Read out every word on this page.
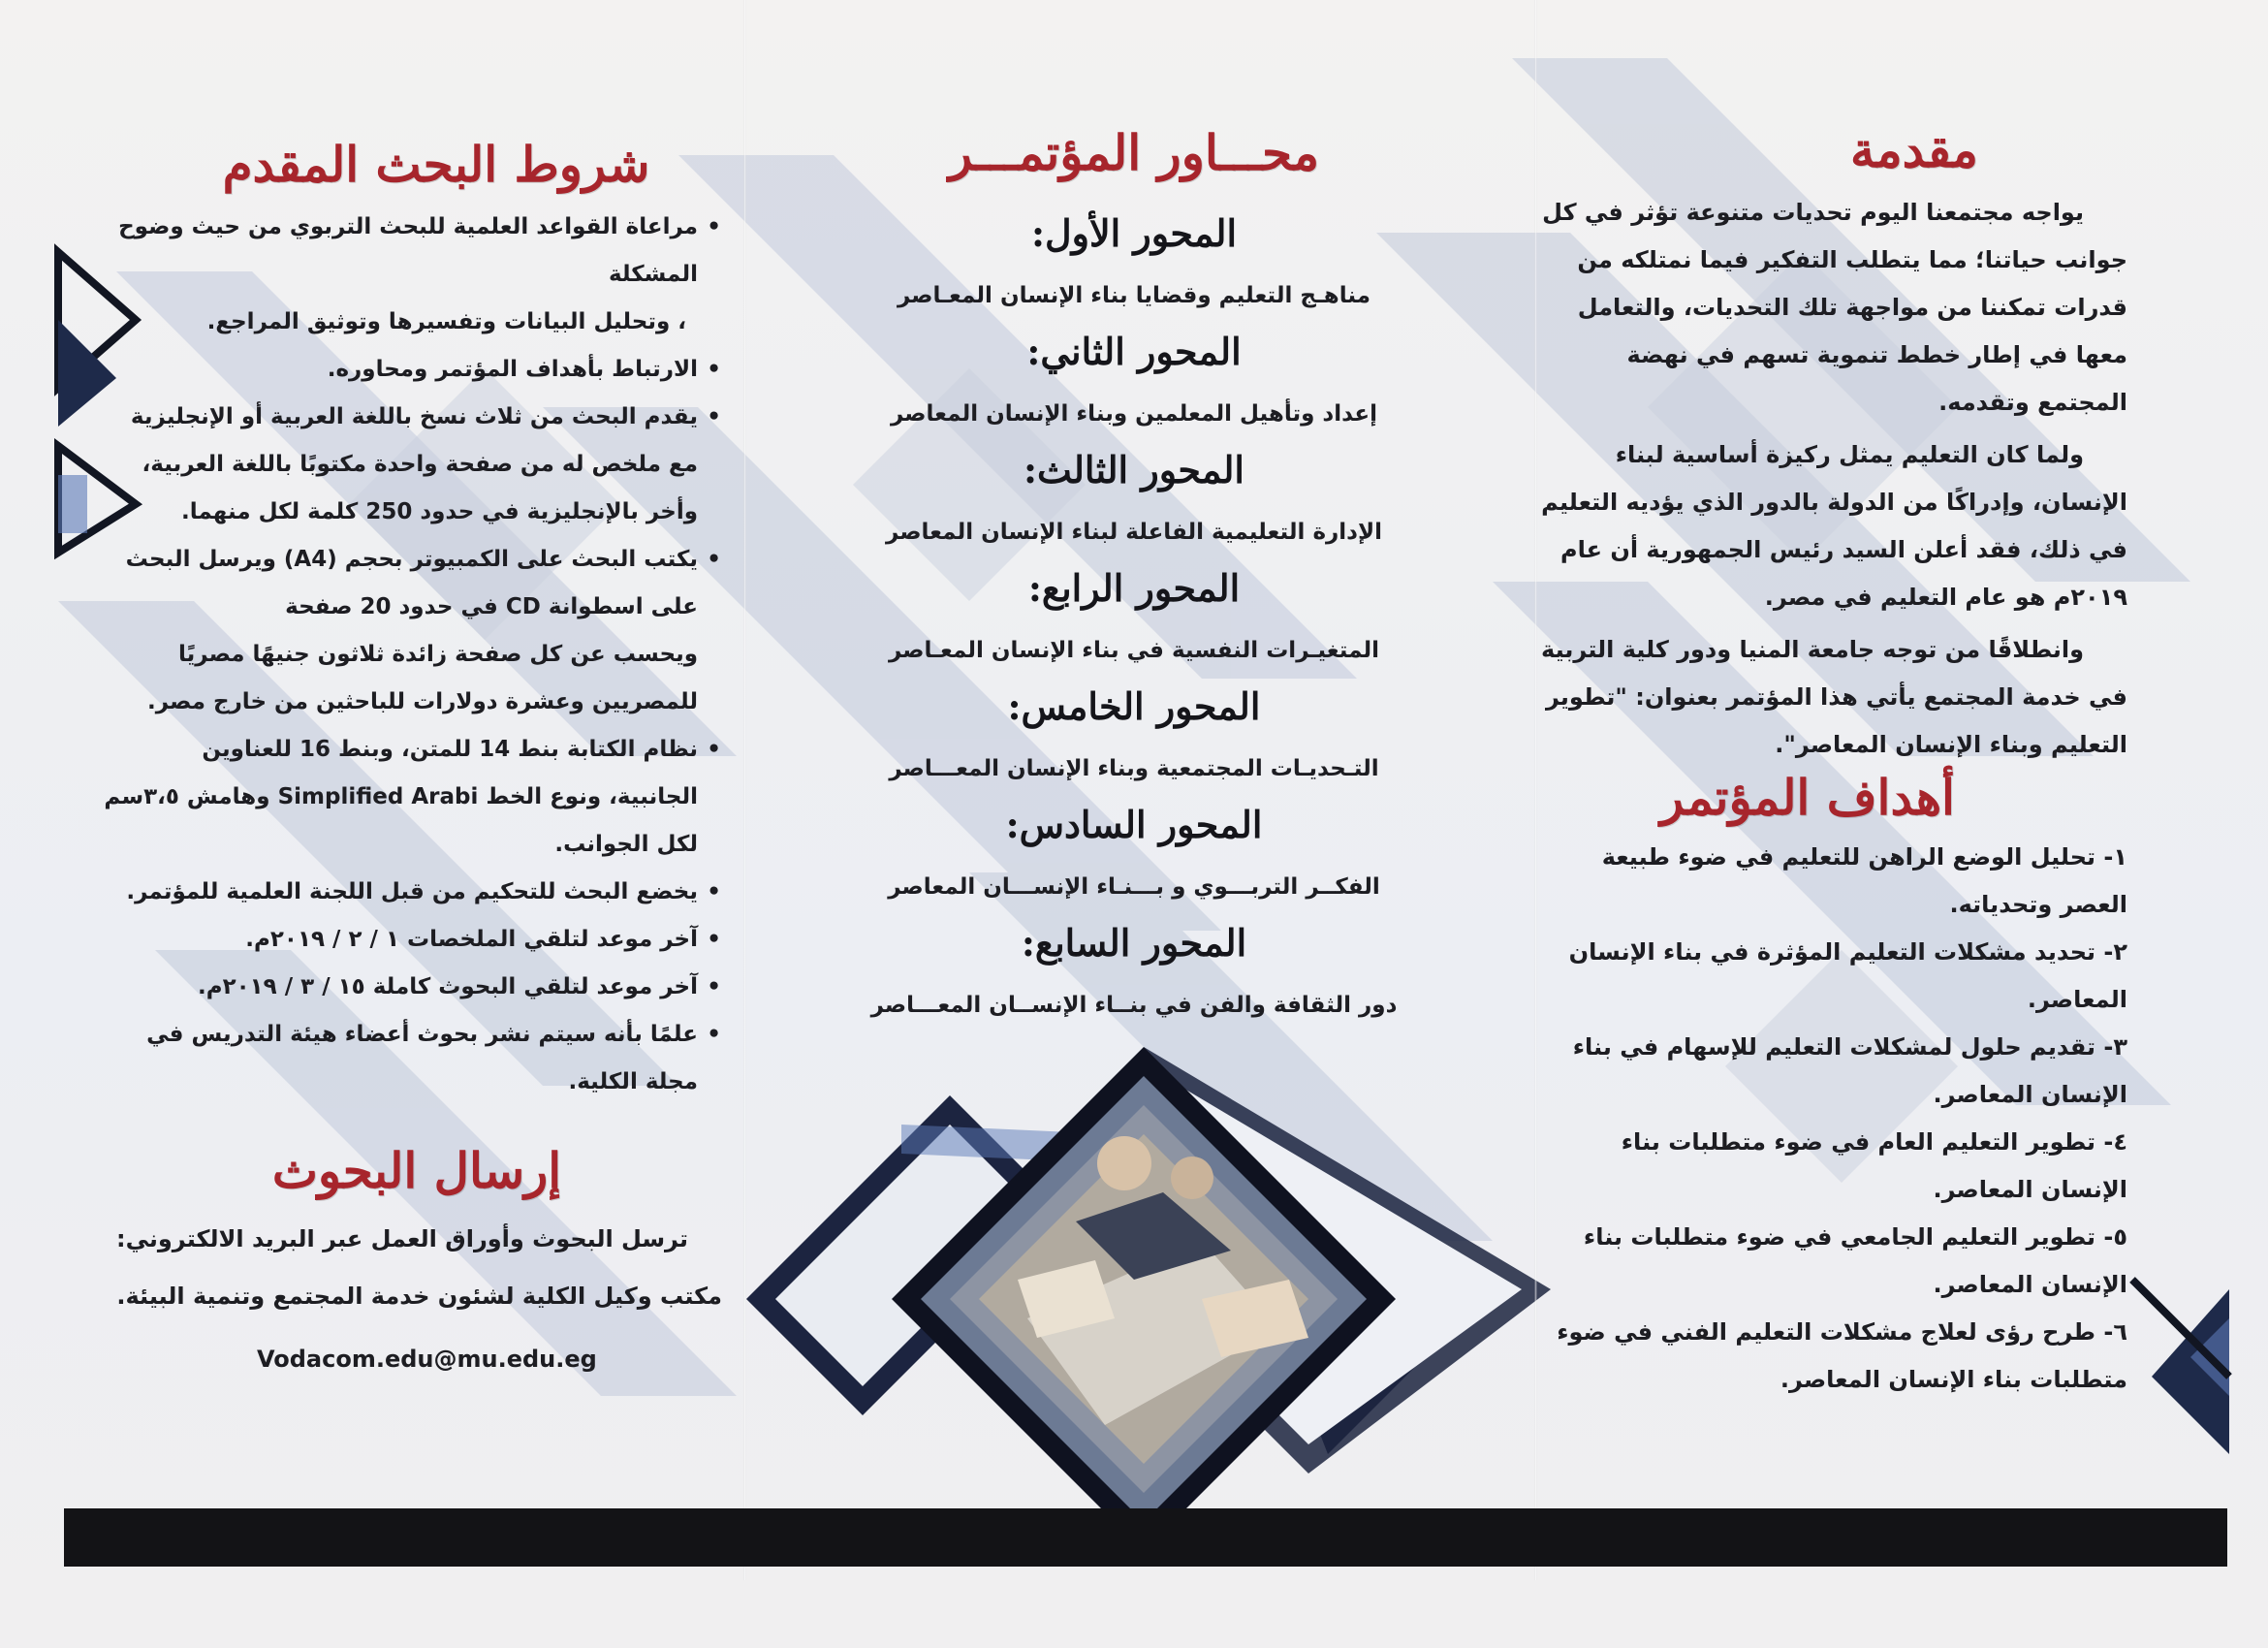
مقدمة

يواجه مجتمعنا اليوم تحديات متنوعة تؤثر في كل جوانب حياتنا؛ مما يتطلب التفكير فيما نمتلكه من قدرات تمكننا من مواجهة تلك التحديات، والتعامل معها في إطار خطط تنموية تسهم في نهضة المجتمع وتقدمه.

ولما كان التعليم يمثل ركيزة أساسية لبناء الإنسان، وإدراكًا من الدولة بالدور الذي يؤديه التعليم في ذلك، فقد أعلن السيد رئيس الجمهورية أن عام ٢٠١٩م هو عام التعليم في مصر.

وانطلاقًا من توجه جامعة المنيا ودور كلية التربية في خدمة المجتمع يأتي هذا المؤتمر بعنوان: "تطوير التعليم وبناء الإنسان المعاصر".

أهداف المؤتمر
١- تحليل الوضع الراهن للتعليم في ضوء طبيعة العصر وتحدياته.
٢- تحديد مشكلات التعليم المؤثرة في بناء الإنسان المعاصر.
٣- تقديم حلول لمشكلات التعليم للإسهام في بناء الإنسان المعاصر.
٤- تطوير التعليم العام في ضوء متطلبات بناء الإنسان المعاصر.
٥- تطوير التعليم الجامعي في ضوء متطلبات بناء الإنسان المعاصر.
٦- طرح رؤى لعلاج مشكلات التعليم الفني في ضوء متطلبات بناء الإنسان المعاصر.
محـــاور المؤتمـــر
المحور الأول:
مناهـج التعليم وقضايا بناء الإنسان المعـاصر
المحور الثاني:
إعداد وتأهيل المعلمين وبناء الإنسان المعاصر
المحور الثالث:
الإدارة التعليمية الفاعلة لبناء الإنسان المعاصر
المحور الرابع:
المتغيـرات النفسية في بناء الإنسان المعـاصر
المحور الخامس:
التـحديـات المجتمعية وبناء الإنسان المعـــاصر
المحور السادس:
الفكــر التربـــوي و بـــنـاء الإنســـان المعاصر
المحور السابع:
دور الثقافة والفن في بنــاء الإنســان المعـــاصر
شروط البحث المقدم
• مراعاة القواعد العلمية للبحث التربوي من حيث وضوح
المشكلة
، وتحليل البيانات وتفسيرها وتوثيق المراجع.
• الارتباط بأهداف المؤتمر ومحاوره.
• يقدم البحث من ثلاث نسخ باللغة العربية أو الإنجليزية
مع ملخص له من صفحة واحدة مكتوبًا باللغة العربية،
وأخر بالإنجليزية في حدود 250 كلمة لكل منهما.
• يكتب البحث على الكمبيوتر بحجم (A4) ويرسل البحث
على اسطوانة CD في حدود 20 صفحة
ويحسب عن كل صفحة زائدة ثلاثون جنيهًا مصريًا
للمصريين وعشرة دولارات للباحثين من خارج مصر.
• نظام الكتابة بنط 14 للمتن، وبنط 16 للعناوين
الجانبية، ونوع الخط Simplified Arabi وهامش ٣،٥سم
لكل الجوانب.
• يخضع البحث للتحكيم من قبل اللجنة العلمية للمؤتمر.
• آخر موعد لتلقي الملخصات ١ / ٢ / ٢٠١٩م.
• آخر موعد لتلقي البحوث كاملة ١٥ / ٣ / ٢٠١٩م.
• علمًا بأنه سيتم نشر بحوث أعضاء هيئة التدريس في
مجلة الكلية.
إرسال البحوث
ترسل البحوث وأوراق العمل عبر البريد الالكتروني:
مكتب وكيل الكلية لشئون خدمة المجتمع وتنمية البيئة.
Vodacom.edu@mu.edu.eg
